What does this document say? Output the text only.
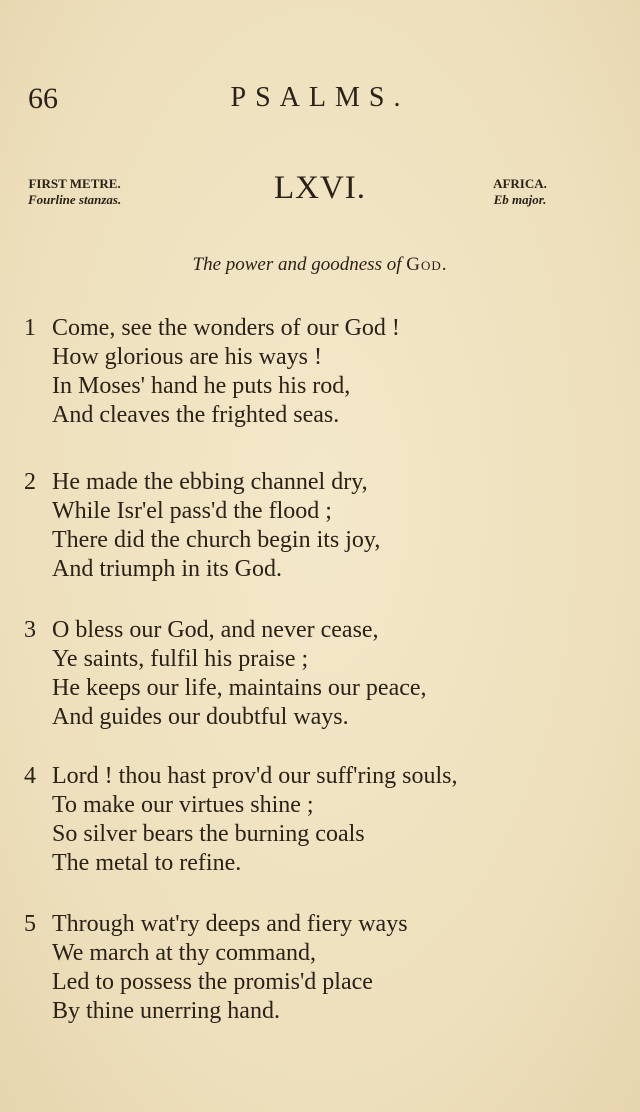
66	PSALMS.
FIRST METRE.
Fourline stanzas.	LXVI.	AFRICA.
Eb major.
The power and goodness of God.
1 Come, see the wonders of our God !
How glorious are his ways !
In Moses' hand he puts his rod,
And cleaves the frighted seas.
2 He made the ebbing channel dry,
While Isr'el pass'd the flood ;
There did the church begin its joy,
And triumph in its God.
3 O bless our God, and never cease,
Ye saints, fulfil his praise ;
He keeps our life, maintains our peace,
And guides our doubtful ways.
4 Lord ! thou hast prov'd our suff'ring souls,
To make our virtues shine ;
So silver bears the burning coals
The metal to refine.
5 Through wat'ry deeps and fiery ways
We march at thy command,
Led to possess the promis'd place
By thine unerring hand.
